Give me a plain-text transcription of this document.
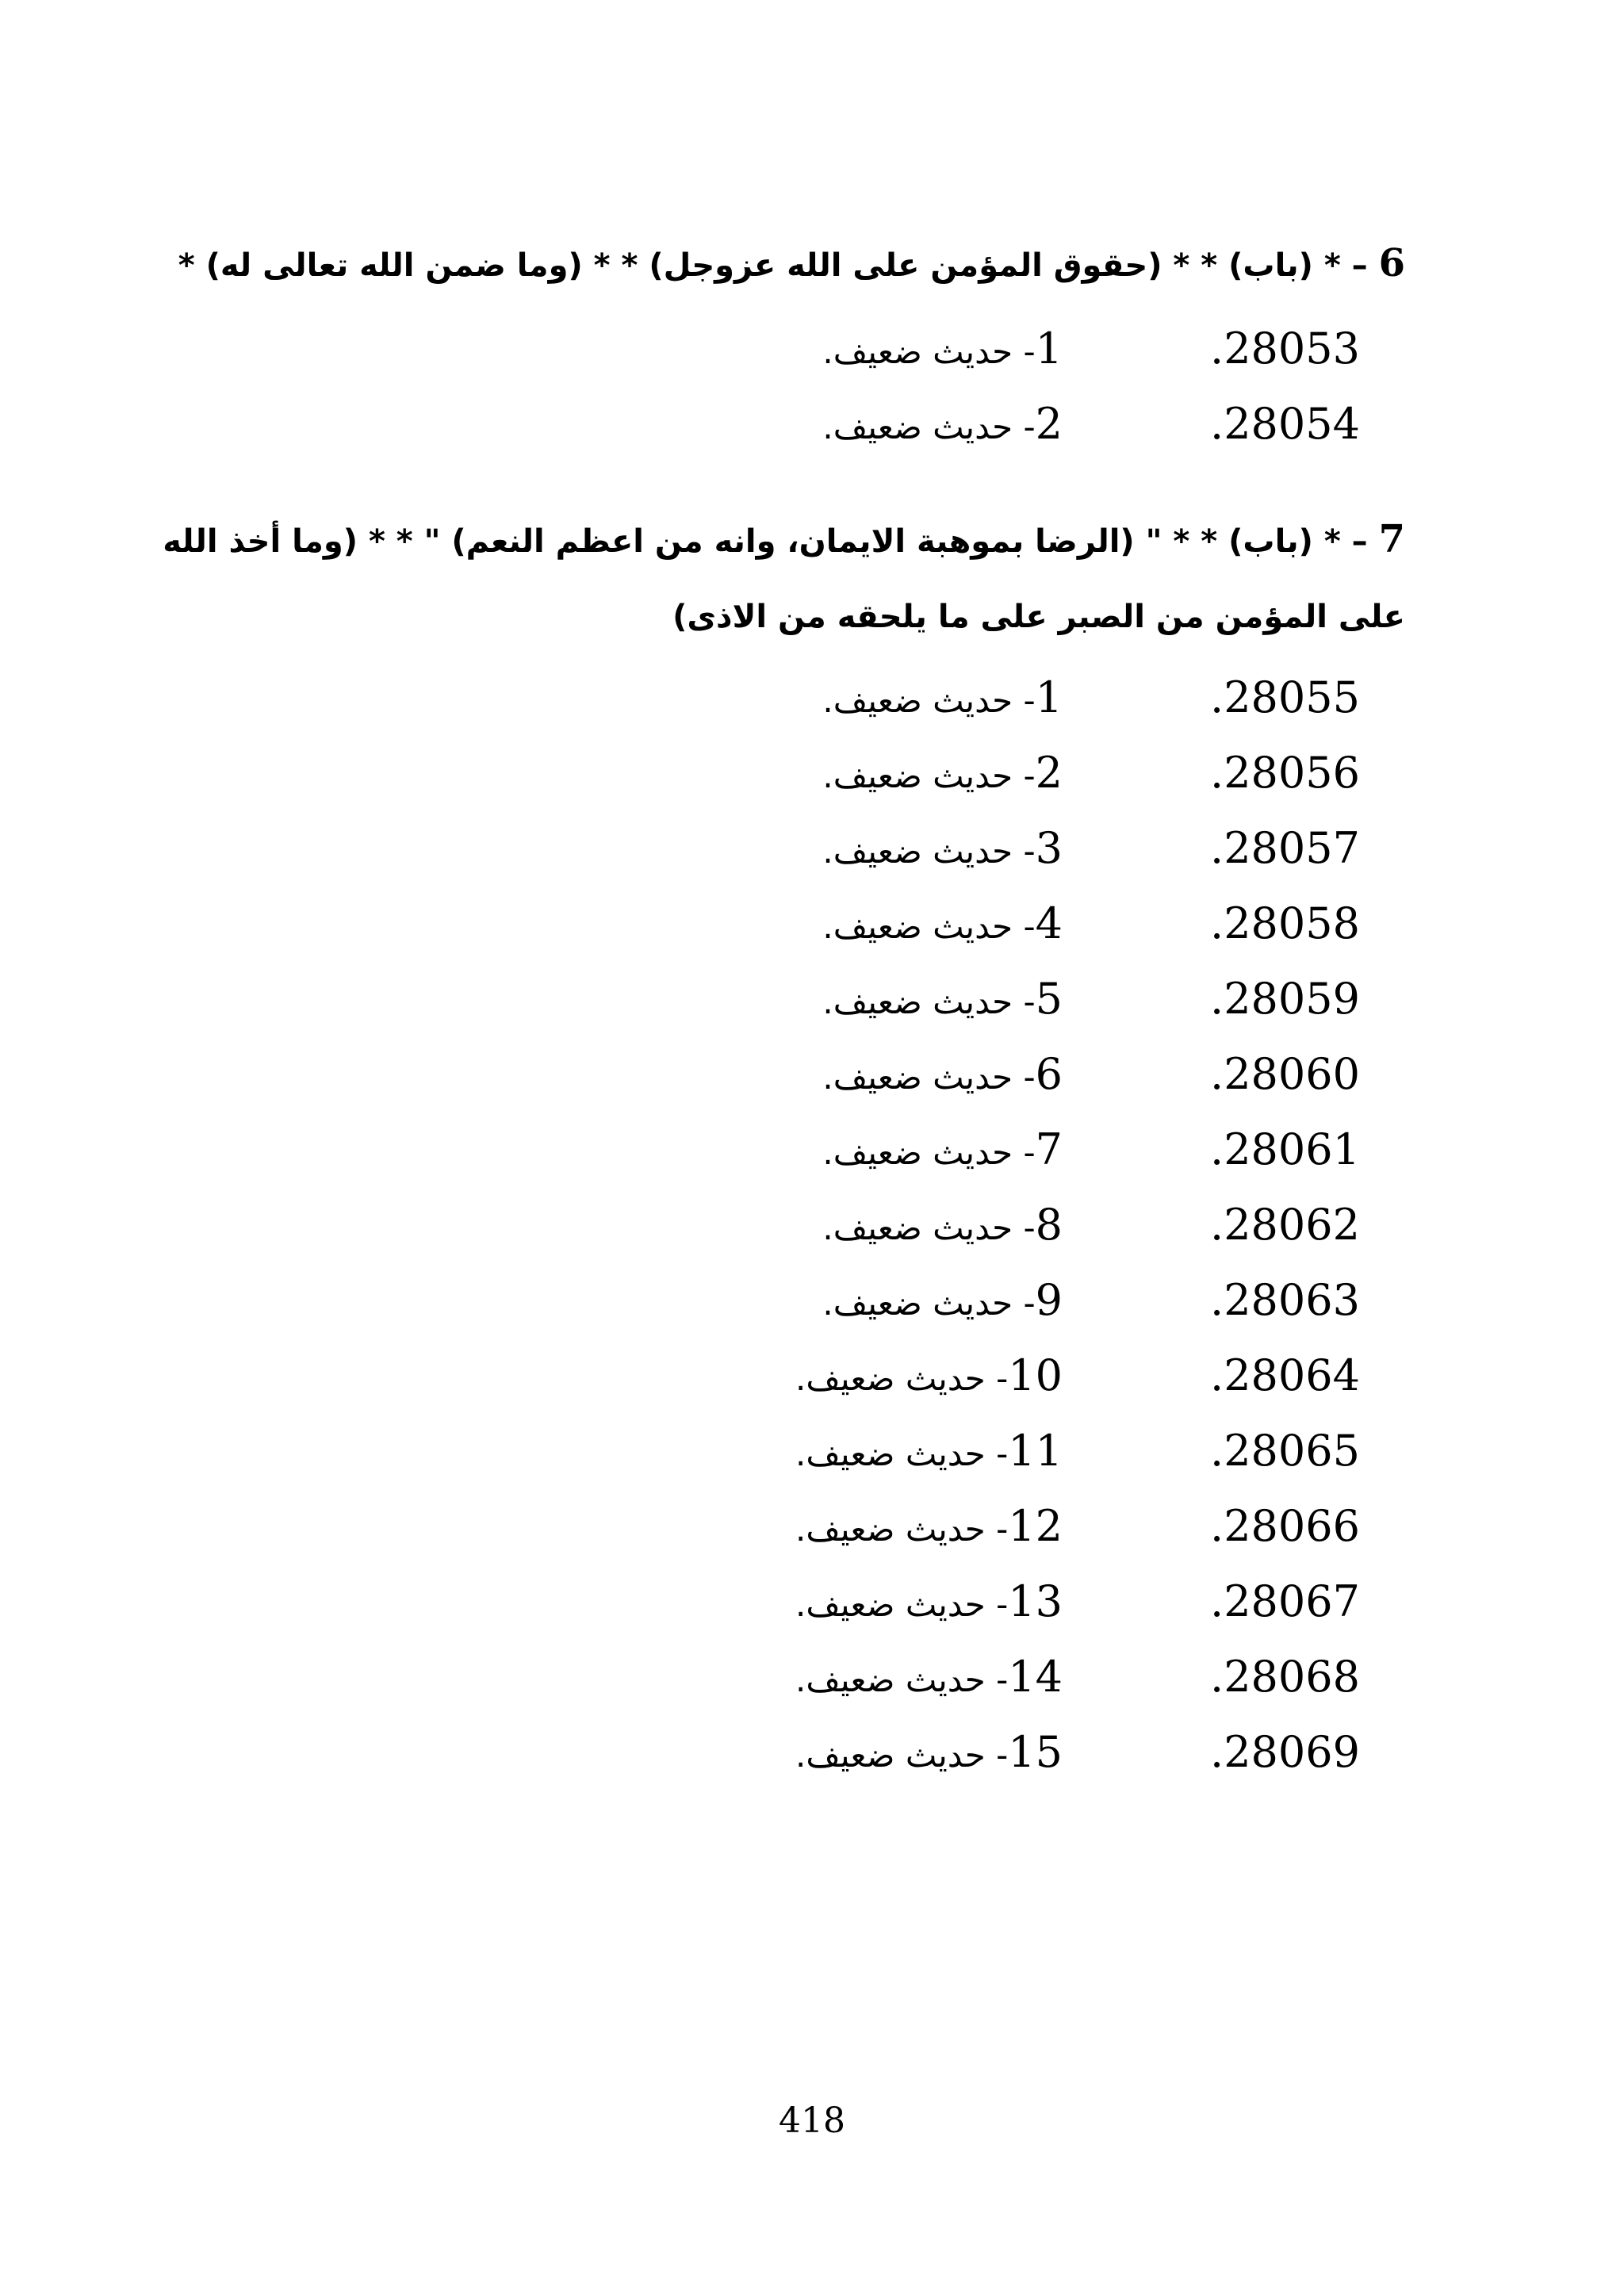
6 – * (باب) * * (حقوق المؤمن على الله عزوجل) * * (وما ضمن الله تعالى له) *
28053.
1- حديث ضعيف.
28054.
2- حديث ضعيف.
7 – * (باب) * * " (الرضا بموهبة الايمان، وانه من اعظم النعم) " * * (وما أخذ الله
على المؤمن من الصبر على ما يلحقه من الاذى)
28055.
1- حديث ضعيف.
28056.
2- حديث ضعيف.
28057.
3- حديث ضعيف.
28058.
4- حديث ضعيف.
28059.
5- حديث ضعيف.
28060.
6- حديث ضعيف.
28061.
7- حديث ضعيف.
28062.
8- حديث ضعيف.
28063.
9- حديث ضعيف.
28064.
10- حديث ضعيف.
28065.
11- حديث ضعيف.
28066.
12- حديث ضعيف.
28067.
13- حديث ضعيف.
28068.
14- حديث ضعيف.
28069.
15- حديث ضعيف.
418
